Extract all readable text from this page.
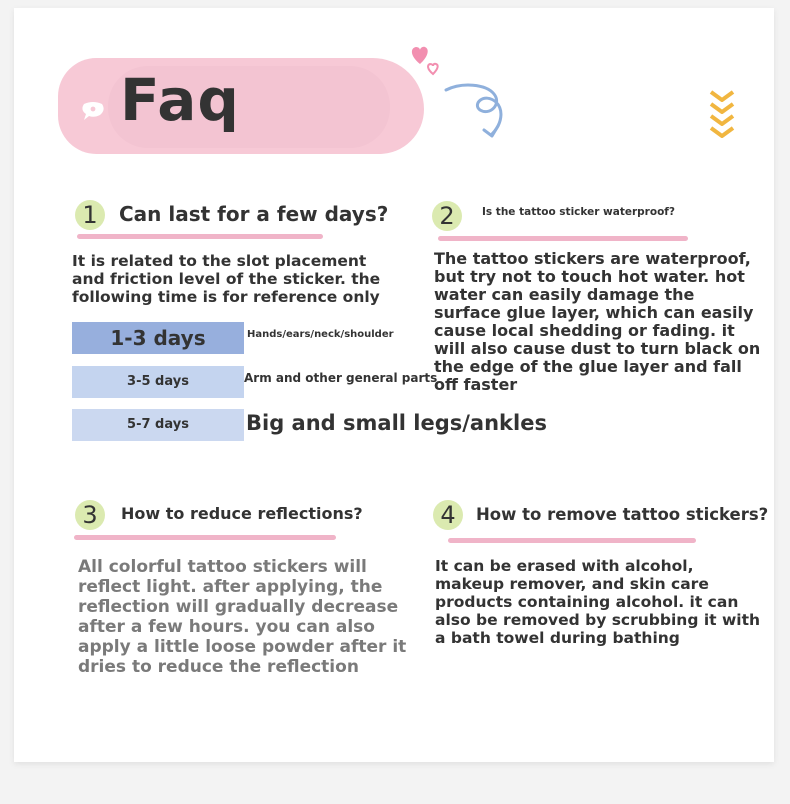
Faq
1	Can last for a few days?
It is related to the slot placement and friction level of the sticker. the following time is for reference only
1-3 days	Hands/ears/neck/shoulder
3-5 days	Arm and other general parts
5-7 days	Big and small legs/ankles
2	Is the tattoo sticker waterproof?
The tattoo stickers are waterproof, but try not to touch hot water. hot water can easily damage the surface glue layer, which can easily cause local shedding or fading. it will also cause dust to turn black on the edge of the glue layer and fall off faster
3	How to reduce reflections?
All colorful tattoo stickers will reflect light. after applying, the reflection will gradually decrease after a few hours. you can also apply a little loose powder after it dries to reduce the reflection
4	How to remove tattoo stickers?
It can be erased with alcohol, makeup remover, and skin care products containing alcohol. it can also be removed by scrubbing it with a bath towel during bathing
